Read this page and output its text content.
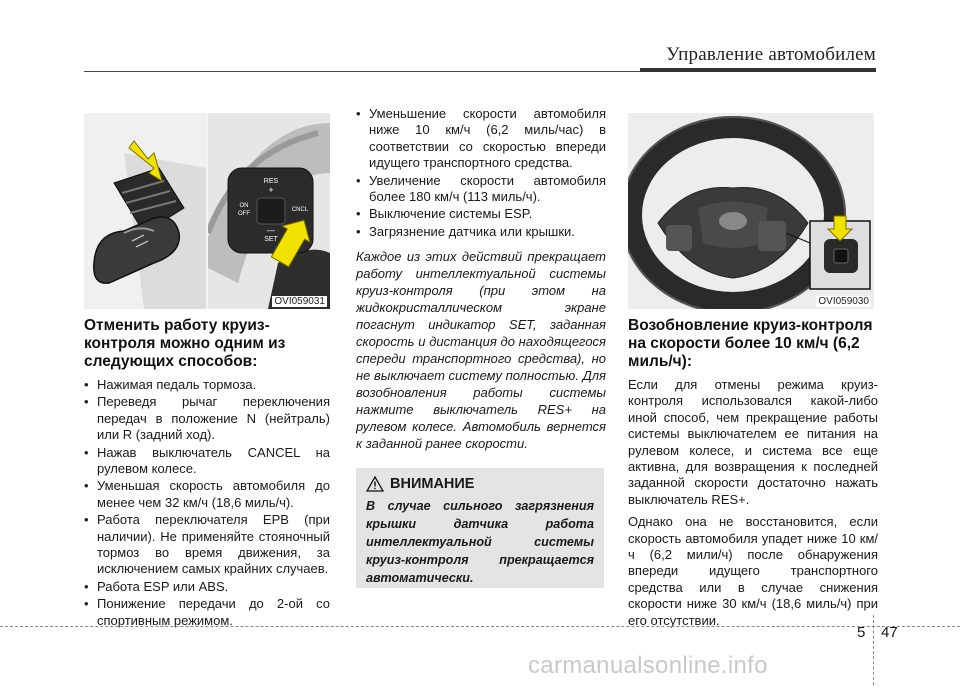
Управление автомобилем
RES
+
ON
OFF
CNCL
—
SET
OVI059031
Отменить работу круиз-контроля можно одним из следующих способов:
• Нажимая педаль тормоза.
• Переведя рычаг переключения передач в положение N (нейтраль) или R (задний ход).
• Нажав выключатель CANCEL на рулевом колесе.
• Уменьшая скорость автомобиля до менее чем 32 км/ч (18,6 миль/ч).
• Работа переключателя EPB (при наличии). Не применяйте стояночный тормоз во время движения, за исключением самых крайних случаев.
• Работа ESP или ABS.
• Понижение передачи до 2-ой со спортивным режимом.
• Уменьшение скорости автомобиля ниже 10 км/ч (6,2 миль/час) в соответствии со скоростью впереди идущего транспортного средства.
• Увеличение скорости автомобиля более 180 км/ч (113 миль/ч).
• Выключение системы ESP.
• Загрязнение датчика или крышки.
Каждое из этих действий прекращает работу интеллектуальной системы круиз-контроля (при этом на жидкокристаллическом экране погаснут индикатор SET, заданная скорость и дистанция до находящегося спереди транспортного средства), но не выключает систему полностью. Для возобновления работы системы нажмите выключатель RES+ на рулевом колесе. Автомобиль вернется к заданной ранее скорости.
ВНИМАНИЕ
В случае сильного загрязнения крышки датчика работа интеллектуальной системы круиз-контроля прекращается автоматически.
OVI059030
Возобновление круиз-контроля на скорости более 10 км/ч (6,2 миль/ч):

Если для отмены режима круиз-контроля использовался какой-либо иной способ, чем прекращение работы системы выключателем ее питания на рулевом колесе, и система все еще активна, для возвращения к последней заданной скорости достаточно нажать выключатель RES+.

Однако она не восстановится, если скорость автомобиля упадет ниже 10 км/ч (6,2 мили/ч) после обнаружения впереди идущего транспортного средства или в случае снижения скорости ниже 30 км/ч (18,6 миль/ч) при его отсутствии.

5 47
carmanualsonline.info
